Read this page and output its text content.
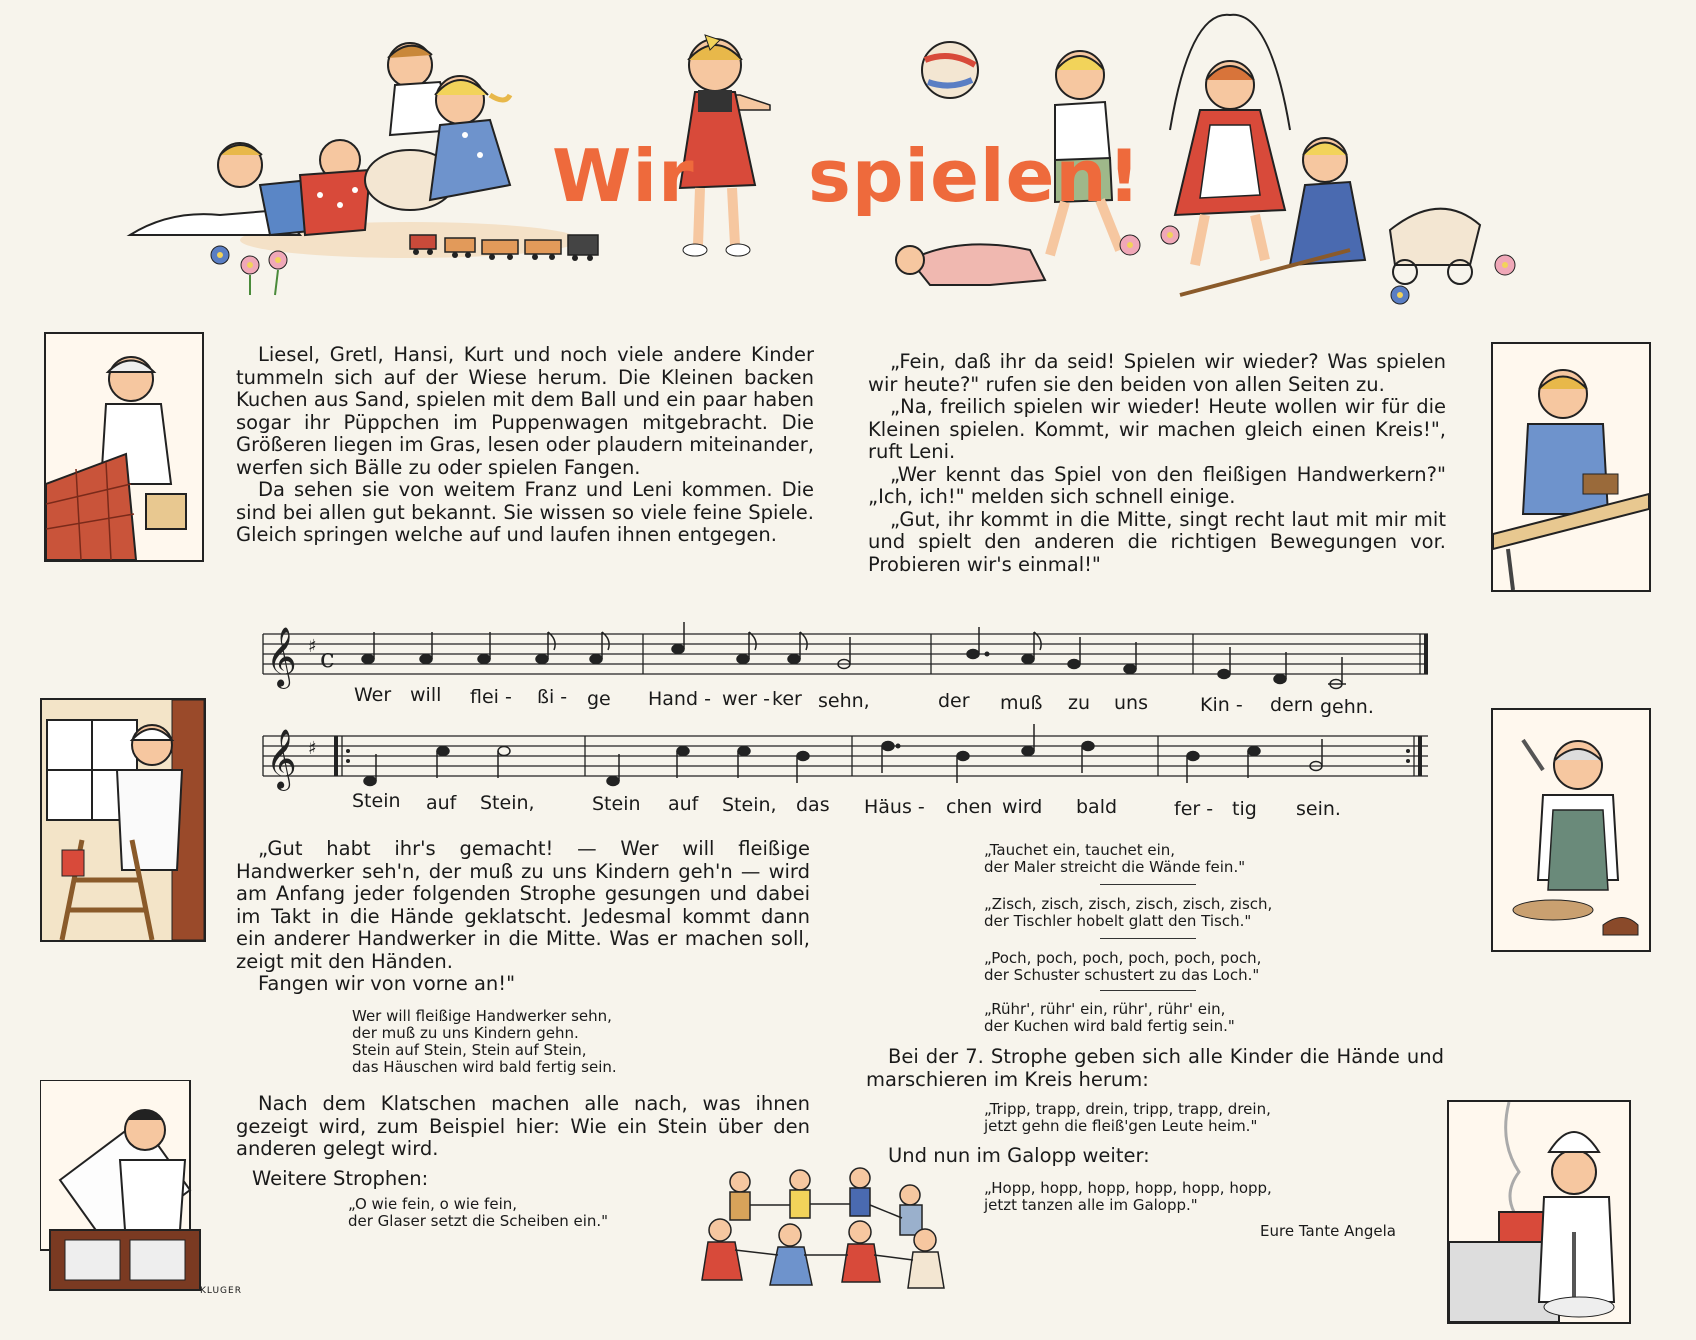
Wir spielen!
KLUGER

Liesel, Gretl, Hansi, Kurt und noch viele andere Kinder tummeln sich auf der Wiese herum. Die Kleinen backen Kuchen aus Sand, spielen mit dem Ball und ein paar haben sogar ihr Püppchen im Puppenwagen mitgebracht. Die Größeren liegen im Gras, lesen oder plaudern miteinander, werfen sich Bälle zu oder spielen Fangen.

Da sehen sie von weitem Franz und Leni kommen. Die sind bei allen gut bekannt. Sie wissen so viele feine Spiele. Gleich springen welche auf und laufen ihnen entgegen.

„Fein, daß ihr da seid! Spielen wir wieder? Was spielen wir heute?" rufen sie den beiden von allen Seiten zu.

„Na, freilich spielen wir wieder! Heute wollen wir für die Kleinen spielen. Kommt, wir machen gleich einen Kreis!", ruft Leni.

„Wer kennt das Spiel von den fleißigen Handwerkern?" „Ich, ich!" melden sich schnell einige.

„Gut, ihr kommt in die Mitte, singt recht laut mit mir mit und spielt den anderen die richtigen Bewegungen vor. Probieren wir's einmal!"

𝄞 ♯ c
Wer will flei - ßi - ge Hand - wer - ker sehn,	der muß zu uns	Kin - dern gehn.
𝄞 ♯
Stein auf Stein,	Stein auf Stein, das Häus - chen wird bald	fer - tig sein.

„Gut habt ihr's gemacht! — Wer will fleißige Handwerker seh'n, der muß zu uns Kindern geh'n — wird am Anfang jeder folgenden Strophe gesungen und dabei im Takt in die Hände geklatscht. Jedesmal kommt dann ein anderer Handwerker in die Mitte. Was er machen soll, zeigt mit den Händen.

Fangen wir von vorne an!"

Wer will fleißige Handwerker sehn,
der muß zu uns Kindern gehn.
Stein auf Stein, Stein auf Stein,
das Häuschen wird bald fertig sein.
Nach dem Klatschen machen alle nach, was ihnen gezeigt wird, zum Beispiel hier: Wie ein Stein über den anderen gelegt wird.
Weitere Strophen:
„O wie fein, o wie fein,
der Glaser setzt die Scheiben ein."
„Tauchet ein, tauchet ein,
der Maler streicht die Wände fein."
„Zisch, zisch, zisch, zisch, zisch, zisch,
der Tischler hobelt glatt den Tisch."
„Poch, poch, poch, poch, poch, poch,
der Schuster schustert zu das Loch."
„Rühr', rühr' ein, rühr', rühr' ein,
der Kuchen wird bald fertig sein."
Bei der 7. Strophe geben sich alle Kinder die Hände und marschieren im Kreis herum:
„Tripp, trapp, drein, tripp, trapp, drein,
jetzt gehn die fleiß'gen Leute heim."
Und nun im Galopp weiter:
„Hopp, hopp, hopp, hopp, hopp, hopp,
jetzt tanzen alle im Galopp."
Eure Tante Angela
